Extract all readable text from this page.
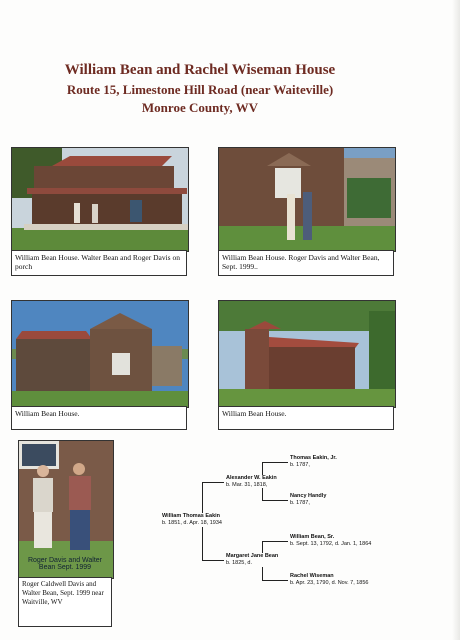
William Bean and Rachel Wiseman House
Route 15, Limestone Hill Road (near Waiteville)
Monroe County, WV
William Bean House. Walter Bean and Roger Davis on porch
William Bean House. Roger Davis and Walter Bean, Sept. 1999..
William Bean House.	William Bean House.
Roger Davis and Walter Bean Sept. 1999
Roger Caldwell Davis and Walter Bean, Sept. 1999 near Waitville, WV
William Thomas Eakin
b. 1851, d. Apr. 18, 1934
Alexander W. Eakin
b. Mar. 31, 1818,
Margaret Jane Bean
b. 1825, d.
Thomas Eakin, Jr.
b. 1787,
Nancy Handly
b. 1787,
William Bean, Sr.
b. Sept. 13, 1792, d. Jan. 1, 1864
Rachel Wiseman
b. Apr. 23, 1790, d. Nov. 7, 1856
